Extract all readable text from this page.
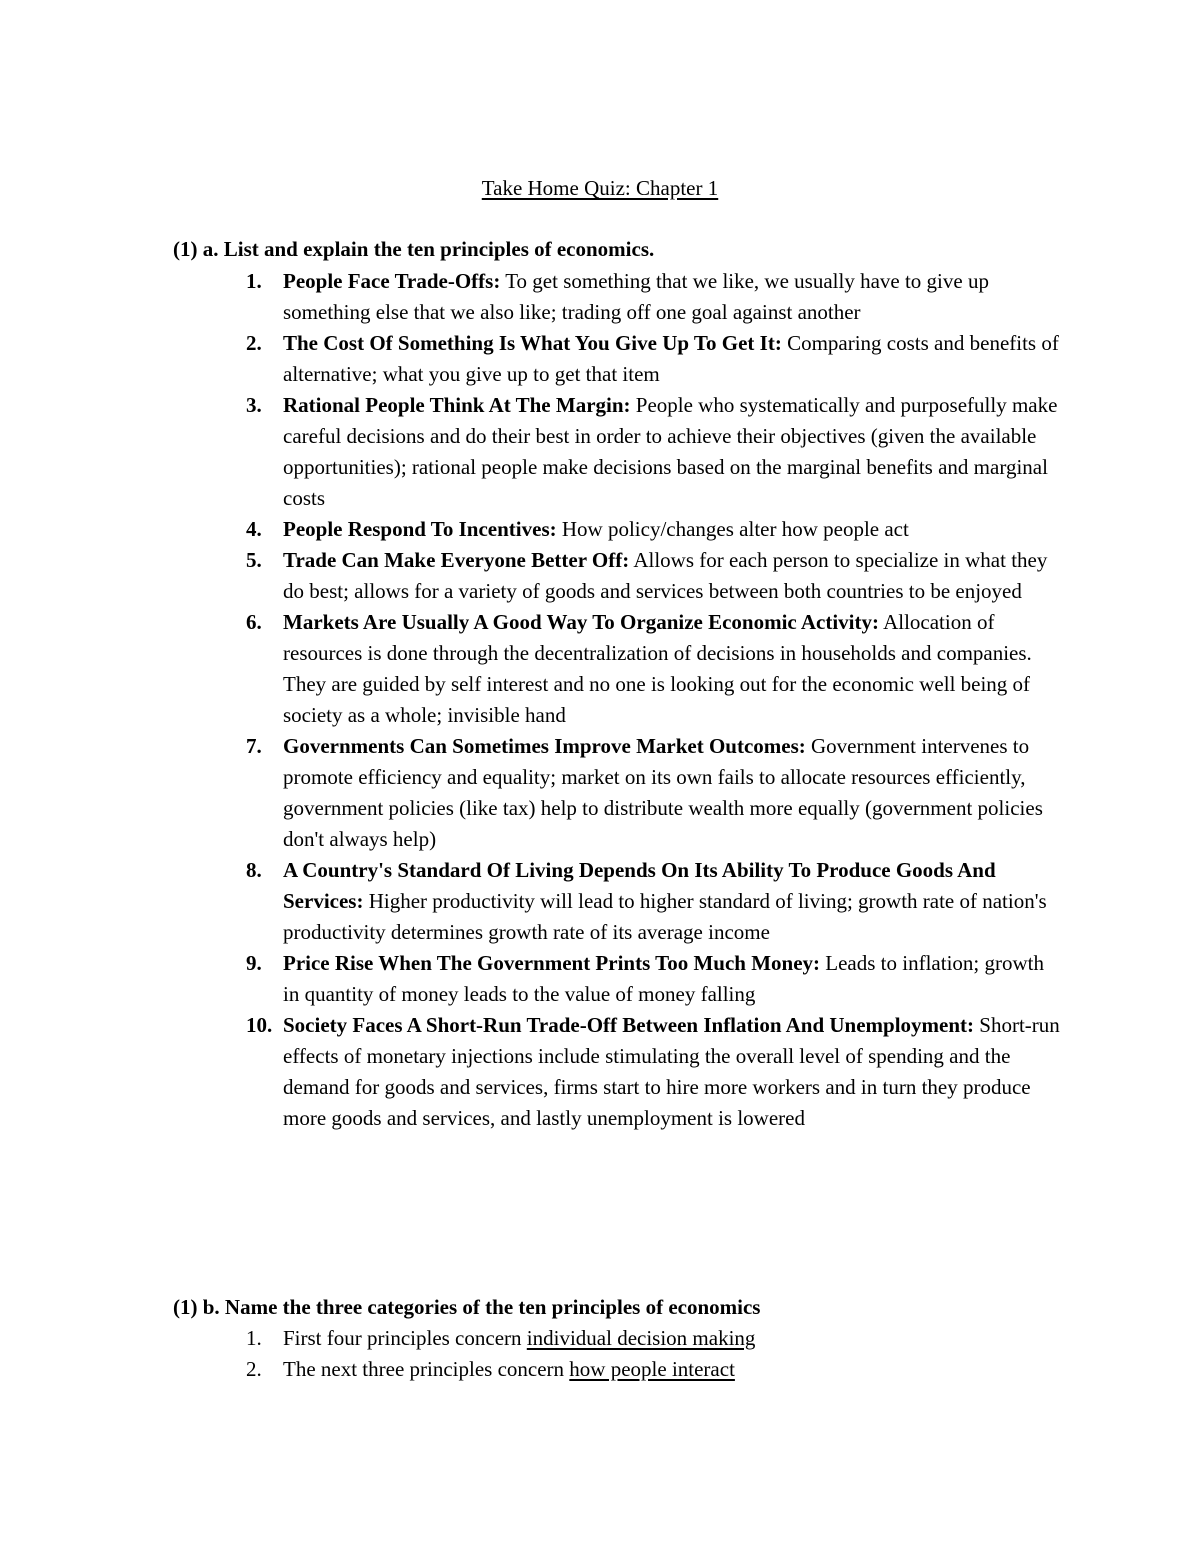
Take Home Quiz: Chapter 1
(1) a. List and explain the ten principles of economics.
1. People Face Trade-Offs: To get something that we like, we usually have to give up something else that we also like; trading off one goal against another
2. The Cost Of Something Is What You Give Up To Get It: Comparing costs and benefits of alternative; what you give up to get that item
3. Rational People Think At The Margin: People who systematically and purposefully make careful decisions and do their best in order to achieve their objectives (given the available opportunities); rational people make decisions based on the marginal benefits and marginal costs
4. People Respond To Incentives: How policy/changes alter how people act
5. Trade Can Make Everyone Better Off: Allows for each person to specialize in what they do best; allows for a variety of goods and services between both countries to be enjoyed
6. Markets Are Usually A Good Way To Organize Economic Activity: Allocation of resources is done through the decentralization of decisions in households and companies. They are guided by self interest and no one is looking out for the economic well being of society as a whole; invisible hand
7. Governments Can Sometimes Improve Market Outcomes: Government intervenes to promote efficiency and equality; market on its own fails to allocate resources efficiently, government policies (like tax) help to distribute wealth more equally (government policies don't always help)
8. A Country's Standard Of Living Depends On Its Ability To Produce Goods And Services: Higher productivity will lead to higher standard of living; growth rate of nation's productivity determines growth rate of its average income
9. Price Rise When The Government Prints Too Much Money: Leads to inflation; growth in quantity of money leads to the value of money falling
10. Society Faces A Short-Run Trade-Off Between Inflation And Unemployment: Short-run effects of monetary injections include stimulating the overall level of spending and the demand for goods and services, firms start to hire more workers and in turn they produce more goods and services, and lastly unemployment is lowered
(1) b. Name the three categories of the ten principles of economics
1. First four principles concern individual decision making
2. The next three principles concern how people interact
